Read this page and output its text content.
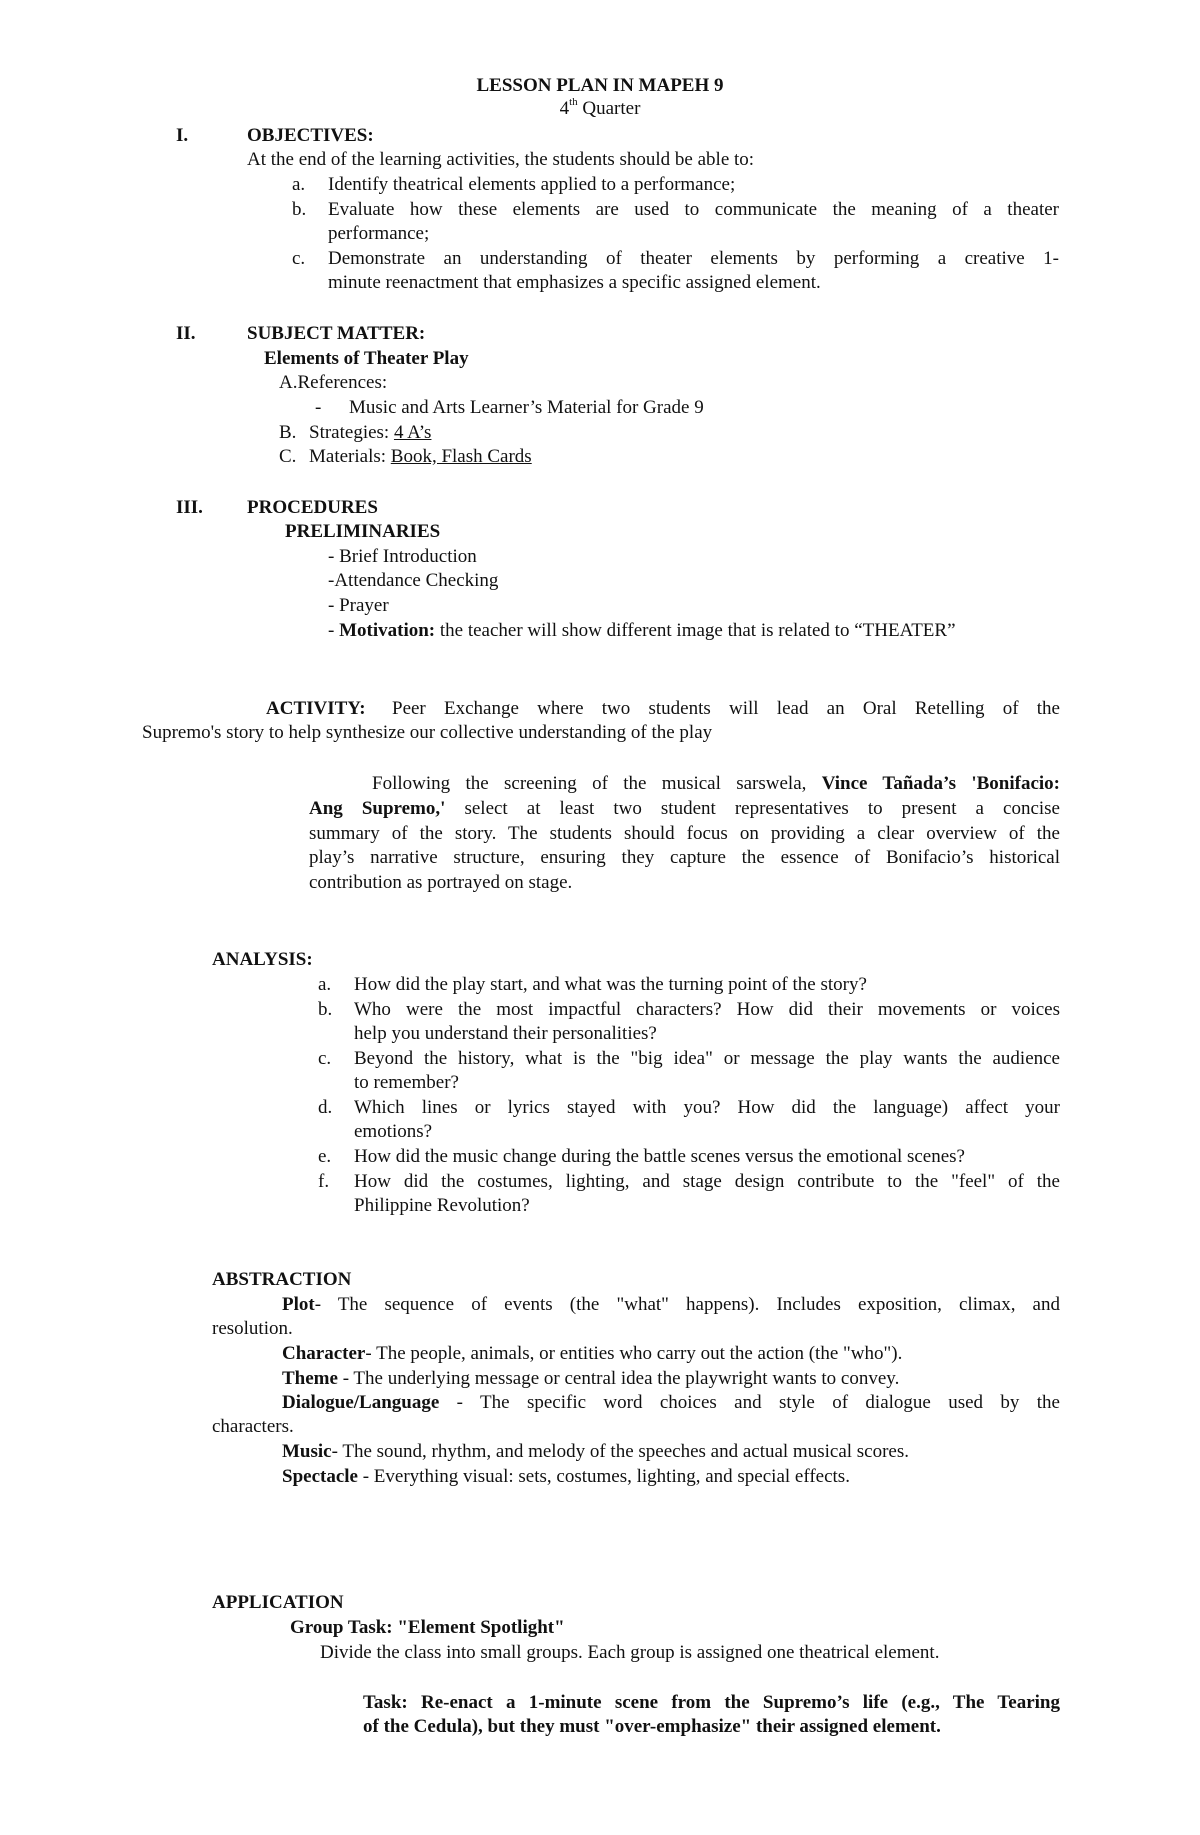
LESSON PLAN IN MAPEH 9
4th Quarter
I.	OBJECTIVES:
At the end of the learning activities, the students should be able to:
a. Identify theatrical elements applied to a performance;
b. Evaluate how these elements are used to communicate the meaning of a theater
performance;
c. Demonstrate an understanding of theater elements by performing a creative 1-
minute reenactment that emphasizes a specific assigned element.
II.	SUBJECT MATTER:
Elements of Theater Play
A.References:
- Music and Arts Learner’s Material for Grade 9
B. Strategies: 4 A’s
C. Materials: Book, Flash Cards
III. PROCEDURES
PRELIMINARIES
- Brief Introduction
-Attendance Checking
- Prayer
- Motivation: the teacher will show different image that is related to “THEATER”
ACTIVITY: Peer Exchange where two students will lead an Oral Retelling of the
Supremo's story to help synthesize our collective understanding of the play
Following the screening of the musical sarswela, Vince Tañada’s 'Bonifacio:
Ang Supremo,' select at least two student representatives to present a concise
summary of the story. The students should focus on providing a clear overview of the
play’s narrative structure, ensuring they capture the essence of Bonifacio’s historical
contribution as portrayed on stage.
ANALYSIS:
a. How did the play start, and what was the turning point of the story?
b. Who were the most impactful characters? How did their movements or voices
help you understand their personalities?
c. Beyond the history, what is the "big idea" or message the play wants the audience
to remember?
d. Which lines or lyrics stayed with you? How did the language) affect your
emotions?
e. How did the music change during the battle scenes versus the emotional scenes?
f. How did the costumes, lighting, and stage design contribute to the "feel" of the
Philippine Revolution?
ABSTRACTION
Plot- The sequence of events (the "what" happens). Includes exposition, climax, and
resolution.
Character- The people, animals, or entities who carry out the action (the "who").
Theme - The underlying message or central idea the playwright wants to convey.
Dialogue/Language - The specific word choices and style of dialogue used by the
characters.
Music- The sound, rhythm, and melody of the speeches and actual musical scores.
Spectacle - Everything visual: sets, costumes, lighting, and special effects.
APPLICATION
Group Task: "Element Spotlight"
Divide the class into small groups. Each group is assigned one theatrical element.
Task: Re-enact a 1-minute scene from the Supremo’s life (e.g., The Tearing
of the Cedula), but they must "over-emphasize" their assigned element.
